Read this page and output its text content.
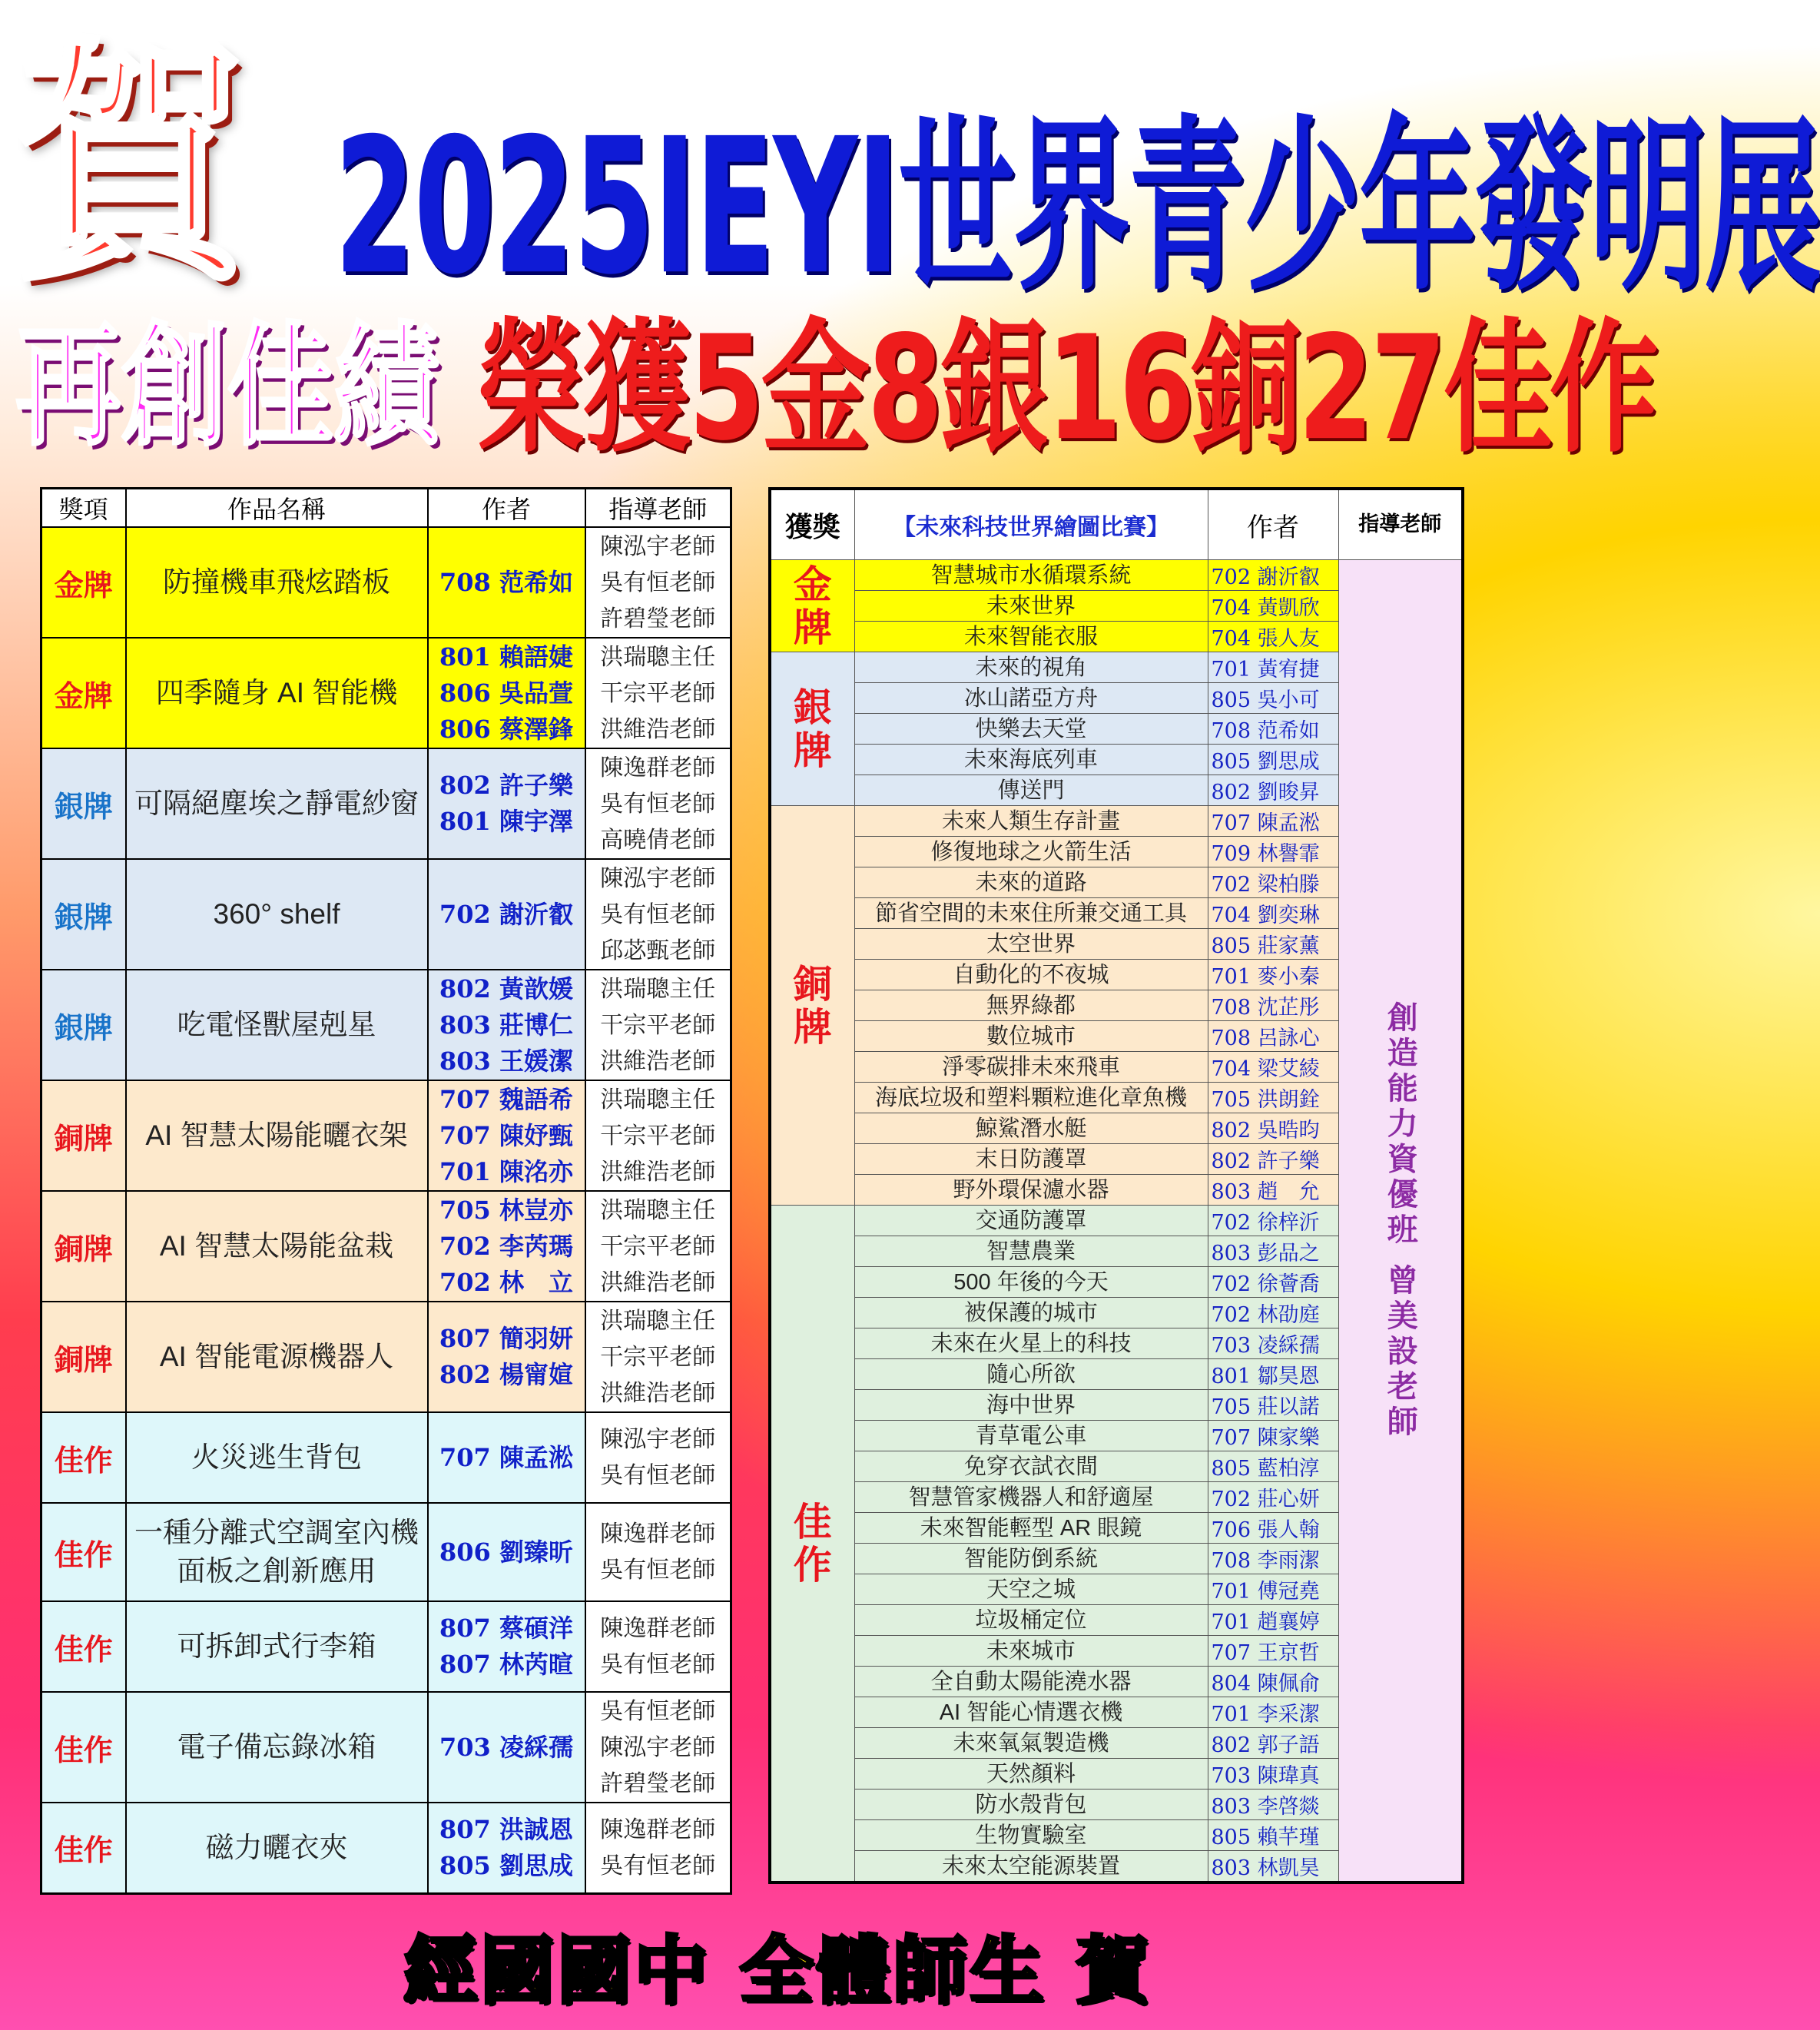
賀 2025IEYI世界青少年發明展
再創佳績 榮獲5金8銀16銅27佳作
獎項	作品名稱	作者	指導老師
金牌	防撞機車飛炫踏板	708 范希如	陳泓宇老師
吳有恒老師
許碧瑩老師

金牌	四季隨身 AI 智能機	801 賴語婕
806 吳品萱
806 蔡澤鋒	洪瑞聰主任
干宗平老師
洪維浩老師

銀牌	可隔絕塵埃之靜電紗窗	802 許子樂
801 陳宇澤	陳逸群老師
吳有恒老師
高曉倩老師

銀牌	360° shelf	702 謝沂叡	陳泓宇老師
吳有恒老師
邱苾甄老師

銀牌	吃電怪獸屋剋星	802 黃歆媛
803 莊博仁
803 王媛潔	洪瑞聰主任
干宗平老師
洪維浩老師

銅牌	AI 智慧太陽能曬衣架	707 魏語希
707 陳妤甄
701 陳洺亦	洪瑞聰主任
干宗平老師
洪維浩老師

銅牌	AI 智慧太陽能盆栽	705 林豈亦
702 李芮瑪
702 林　立	洪瑞聰主任
干宗平老師
洪維浩老師

銅牌	AI 智能電源機器人	807 簡羽妍
802 楊甯媗	洪瑞聰主任
干宗平老師
洪維浩老師

佳作	火災逃生背包	707 陳孟淞	陳泓宇老師
吳有恒老師

佳作	一種分離式空調室內機
面板之創新應用	806 劉臻昕	陳逸群老師
吳有恒老師

佳作	可拆卸式行李箱	807 蔡碩洋
807 林芮暄	陳逸群老師
吳有恒老師

佳作	電子備忘錄冰箱	703 凌綵孺	吳有恒老師
陳泓宇老師
許碧瑩老師

佳作	磁力曬衣夾	807 洪誠恩
805 劉思成	陳逸群老師
吳有恒老師
獲獎	【未來科技世界繪圖比賽】	作者	指導老師

金
牌	智慧城市水循環系統	702 謝沂叡	創造能力資優班 曾美設老師

	未來世界	704 黃凱欣	
	未來智能衣服	704 張人友	

銀
牌	未來的視角	701 黃宥捷	
	冰山諾亞方舟	805 吳小可	
	快樂去天堂	708 范希如	
	未來海底列車	805 劉思成	
	傳送門	802 劉晙昇	

銅
牌	未來人類生存計畫	707 陳孟淞	
	修復地球之火箭生活	709 林譽霏	
	未來的道路	702 梁柏滕	
	節省空間的未來住所兼交通工具	704 劉奕琳	
	太空世界	805 莊家薰	
	自動化的不夜城	701 麥小秦	
	無界綠都	708 沈芷彤	
	數位城市	708 呂詠心	
	淨零碳排未來飛車	704 梁艾綾	
	海底垃圾和塑料顆粒進化章魚機	705 洪朗銓	
	鯨鯊潛水艇	802 吳晧昀	
	末日防護罩	802 許子樂	
	野外環保濾水器	803 趙　允	

佳
作	交通防護罩	702 徐梓沂	
	智慧農業	803 彭品之	
	500 年後的今天	702 徐薈喬	
	被保護的城市	702 林劭庭	
	未來在火星上的科技	703 凌綵孺	
	隨心所欲	801 鄒昊恩	
	海中世界	705 莊以諾	
	青草電公車	707 陳家樂	
	免穿衣試衣間	805 藍柏淳	
	智慧管家機器人和舒適屋	702 莊心妍	
	未來智能輕型 AR 眼鏡	706 張人翰	
	智能防倒系統	708 李雨潔	
	天空之城	701 傅冠堯	
	垃圾桶定位	701 趙襄婷	
	未來城市	707 王京哲	
	全自動太陽能澆水器	804 陳佩俞	
	AI 智能心情選衣機	701 李采潔	
	未來氧氣製造機	802 郭子語	
	天然顏料	703 陳瑋真	
	防水殼背包	803 李啓燚	
	生物實驗室	805 賴芊瑾	
	未來太空能源裝置	803 林凱昊	
經國國中 全體師生 賀
